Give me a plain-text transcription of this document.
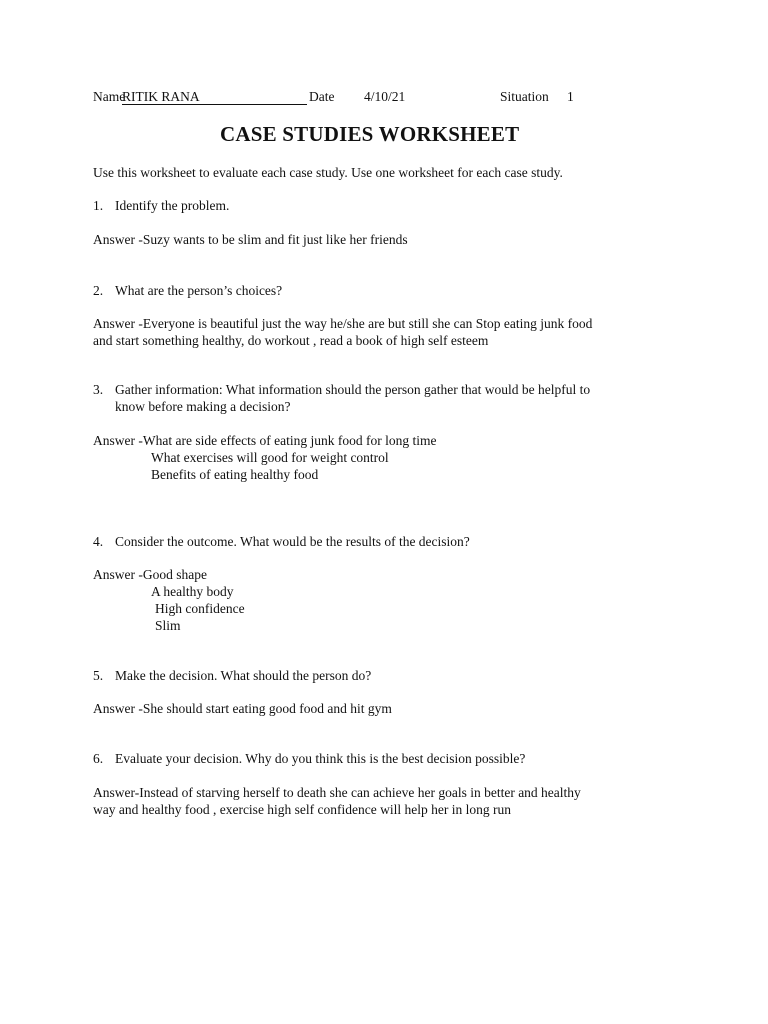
Name
RITIK RANA	Date 4/10/21	Situation 1
CASE STUDIES WORKSHEET
Use this worksheet to evaluate each case study. Use one worksheet for each case study.
1. Identify the problem.
Answer -Suzy wants to be slim and fit just like her friends
2. What are the person’s choices?
Answer -Everyone is beautiful just the way he/she are but still she can Stop eating junk food
and start something healthy, do workout , read a book of high self esteem
3. Gather information: What information should the person gather that would be helpful to
know before making a decision?
Answer -What are side effects of eating junk food for long time
What exercises will good for weight control
Benefits of eating healthy food
4. Consider the outcome. What would be the results of the decision?
Answer -Good shape
A healthy body
High confidence
Slim
5. Make the decision. What should the person do?
Answer -She should start eating good food and hit gym
6. Evaluate your decision. Why do you think this is the best decision possible?
Answer-Instead of starving herself to death she can achieve her goals in better and healthy
way and healthy food , exercise high self confidence will help her in long run
